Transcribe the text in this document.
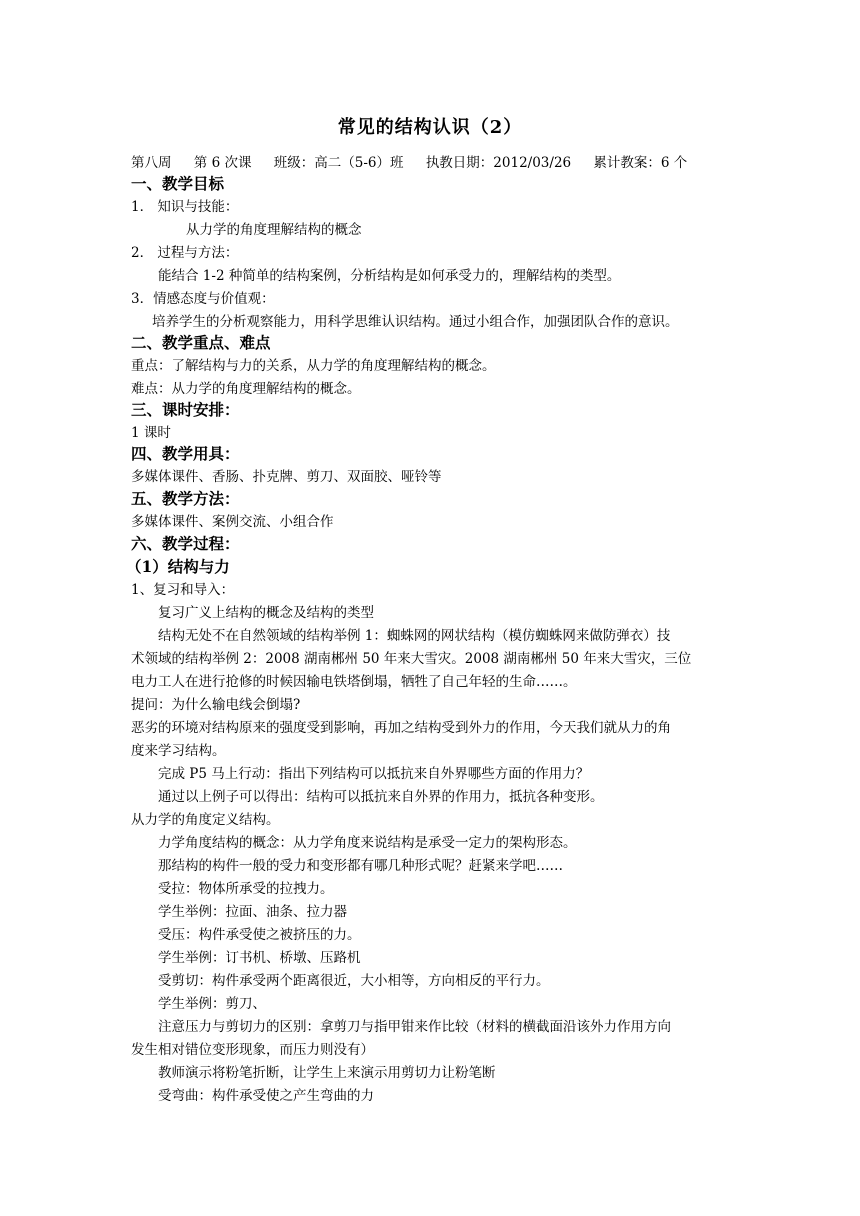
常见的结构认识（2）
第八周 第 6 次课 班级：高二（5-6）班 执教日期：2012/03/26 累计教案：6 个
一、教学目标
1． 知识与技能：
从力学的角度理解结构的概念
2． 过程与方法：
能结合 1-2 种简单的结构案例，分析结构是如何承受力的，理解结构的类型。
3．情感态度与价值观：
培养学生的分析观察能力，用科学思维认识结构。通过小组合作，加强团队合作的意识。
二、教学重点、难点
重点：了解结构与力的关系，从力学的角度理解结构的概念。
难点：从力学的角度理解结构的概念。
三、课时安排：
1 课时
四、教学用具：
多媒体课件、香肠、扑克牌、剪刀、双面胶、哑铃等
五、教学方法：
多媒体课件、案例交流、小组合作
六、教学过程：
（1）结构与力
1、复习和导入：
复习广义上结构的概念及结构的类型
结构无处不在自然领域的结构举例 1：蜘蛛网的网状结构（模仿蜘蛛网来做防弹衣）技
术领域的结构举例 2：2008 湖南郴州 50 年来大雪灾。2008 湖南郴州 50 年来大雪灾，三位
电力工人在进行抢修的时候因输电铁塔倒塌，牺牲了自己年轻的生命……。
提问：为什么输电线会倒塌?
恶劣的环境对结构原来的强度受到影响，再加之结构受到外力的作用，今天我们就从力的角
度来学习结构。
完成 P5 马上行动：指出下列结构可以抵抗来自外界哪些方面的作用力？
通过以上例子可以得出：结构可以抵抗来自外界的作用力，抵抗各种变形。
从力学的角度定义结构。
力学角度结构的概念：从力学角度来说结构是承受一定力的架构形态。
那结构的构件一般的受力和变形都有哪几种形式呢？赶紧来学吧……
受拉：物体所承受的拉拽力。
学生举例：拉面、油条、拉力器
受压：构件承受使之被挤压的力。
学生举例：订书机、桥墩、压路机
受剪切：构件承受两个距离很近，大小相等，方向相反的平行力。
学生举例：剪刀、
注意压力与剪切力的区别：拿剪刀与指甲钳来作比较（材料的横截面沿该外力作用方向
发生相对错位变形现象，而压力则没有）
教师演示将粉笔折断，让学生上来演示用剪切力让粉笔断
受弯曲：构件承受使之产生弯曲的力
